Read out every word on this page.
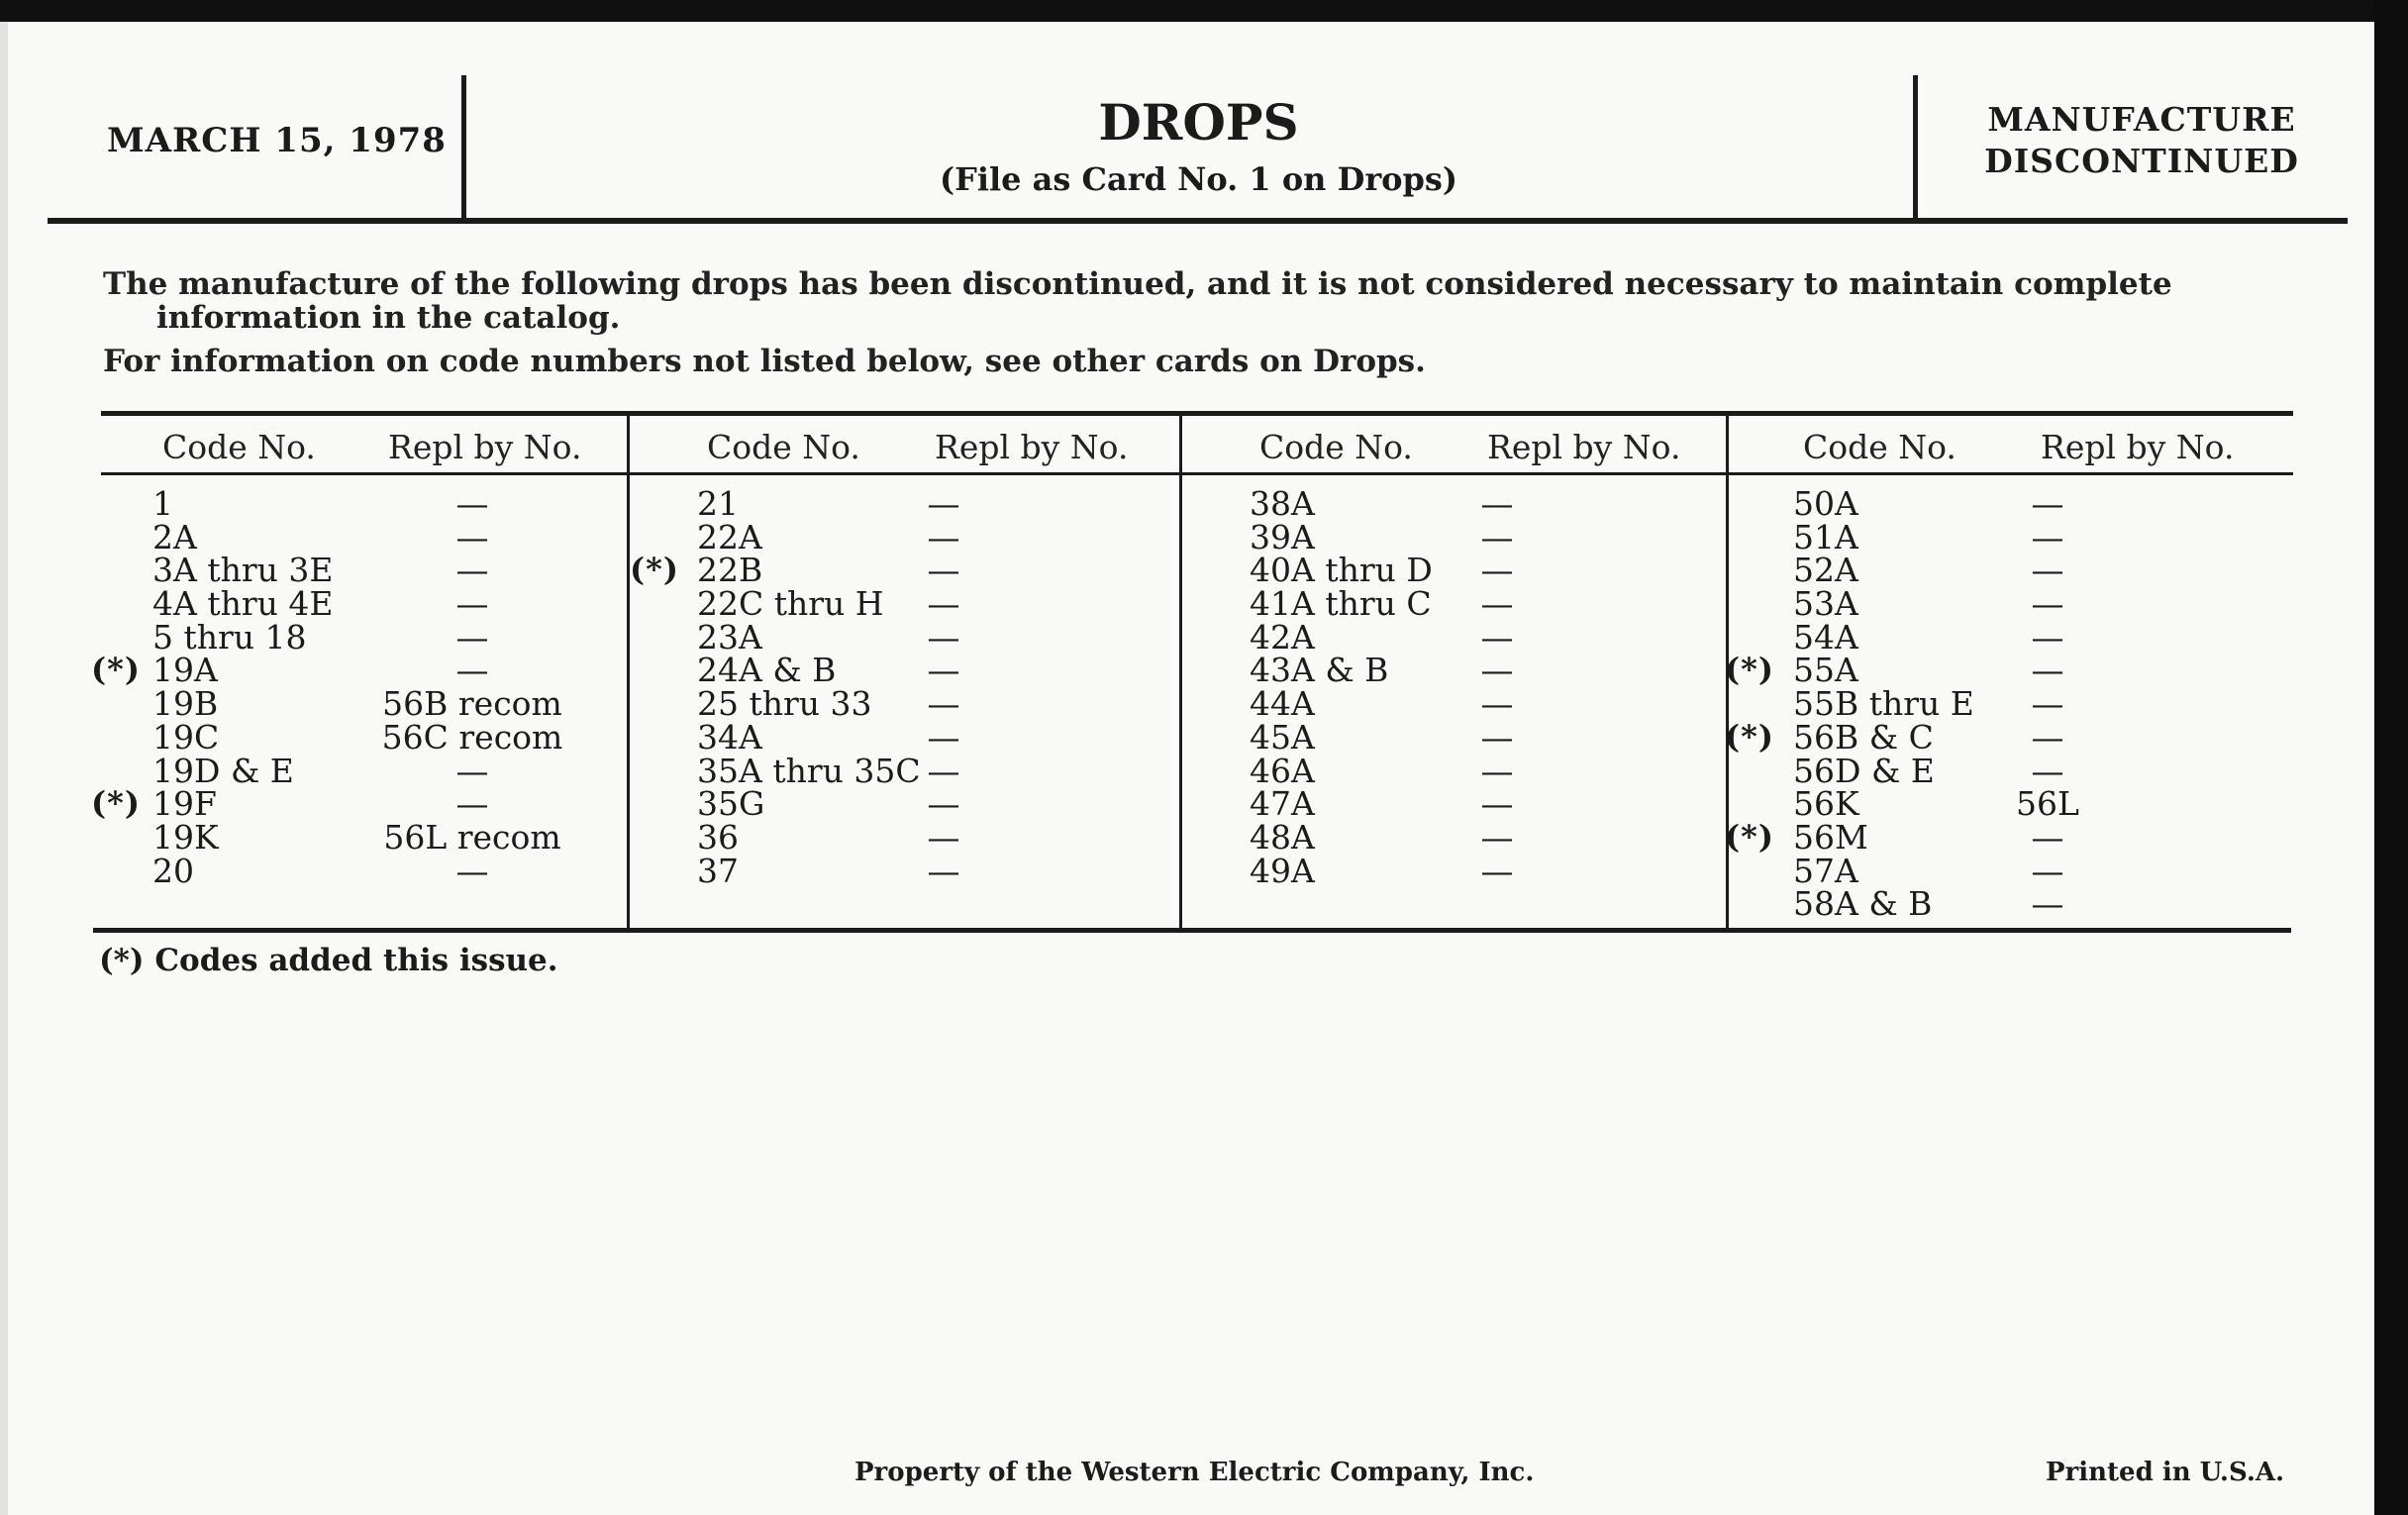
MARCH 15, 1978	DROPS
(File as Card No. 1 on Drops)
MANUFACTURE
DISCONTINUED

The manufacture of the following drops has been discontinued, and it is not considered necessary to maintain complete information in the catalog.

For information on code numbers not listed below, see other cards on Drops.

Code No. Repl by No.
1	—
2A	—
3A thru 3E	—
4A thru 4E	—
5 thru 18	—
(*) 19A	—
19B	56B recom
19C	56C recom
19D & E	—
(*) 19F	—
19K	56L recom
20	—
Code No. Repl by No.
21	—
22A	—
(*) 22B	—
22C thru H	—
23A	—
24A & B	—
25 thru 33	—
34A	—
35A thru 35C —
35G	—
36	—
37	—
Code No. Repl by No.
38A	—
39A	—
40A thru D	—
41A thru C	—
42A	—
43A & B	—
44A	—
45A	—
46A	—
47A	—
48A	—
49A	—
Code No.	Repl by No.
50A	—
51A	—
52A	—
53A	—
54A	—
(*) 55A	—
55B thru E	—
(*) 56B & C	—
56D & E	—
56K	56L
(*) 56M	—
57A	—
58A & B	—
(*) Codes added this issue.
Property of the Western Electric Company, Inc.	Printed in U.S.A.
